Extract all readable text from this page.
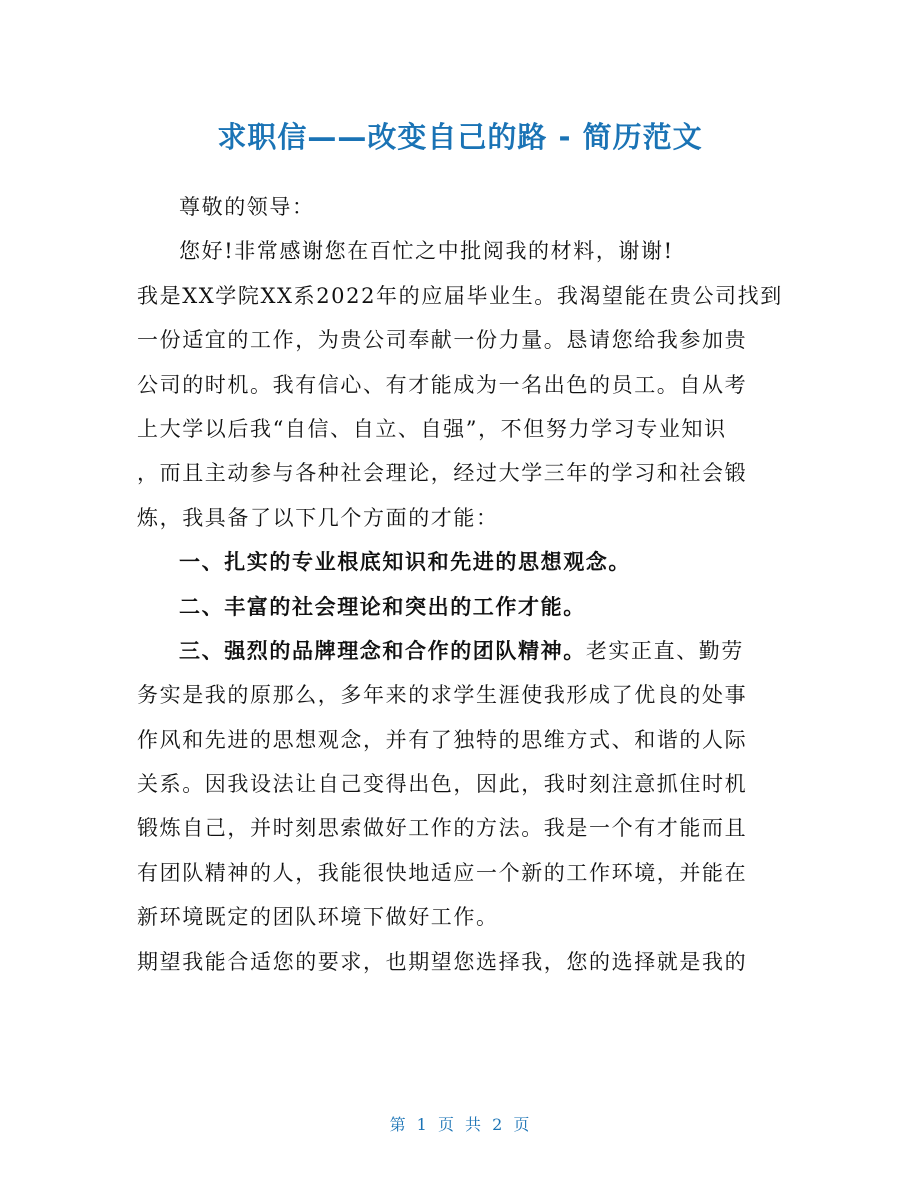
求职信——改变自己的路 - 简历范文
尊敬的领导：
您好!非常感谢您在百忙之中批阅我的材料，谢谢!
我是XX学院XX系2022年的应届毕业生。我渴望能在贵公司找到
一份适宜的工作，为贵公司奉献一份力量。恳请您给我参加贵
公司的时机。我有信心、有才能成为一名出色的员工。自从考
上大学以后我“自信、自立、自强”，不但努力学习专业知识
，而且主动参与各种社会理论，经过大学三年的学习和社会锻
炼，我具备了以下几个方面的才能：
一、扎实的专业根底知识和先进的思想观念。
二、丰富的社会理论和突出的工作才能。
三、强烈的品牌理念和合作的团队精神。老实正直、勤劳
务实是我的原那么，多年来的求学生涯使我形成了优良的处事
作风和先进的思想观念，并有了独特的思维方式、和谐的人际
关系。因我设法让自己变得出色，因此，我时刻注意抓住时机
锻炼自己，并时刻思索做好工作的方法。我是一个有才能而且
有团队精神的人，我能很快地适应一个新的工作环境，并能在
新环境既定的团队环境下做好工作。
期望我能合适您的要求，也期望您选择我，您的选择就是我的
第 1 页 共 2 页
